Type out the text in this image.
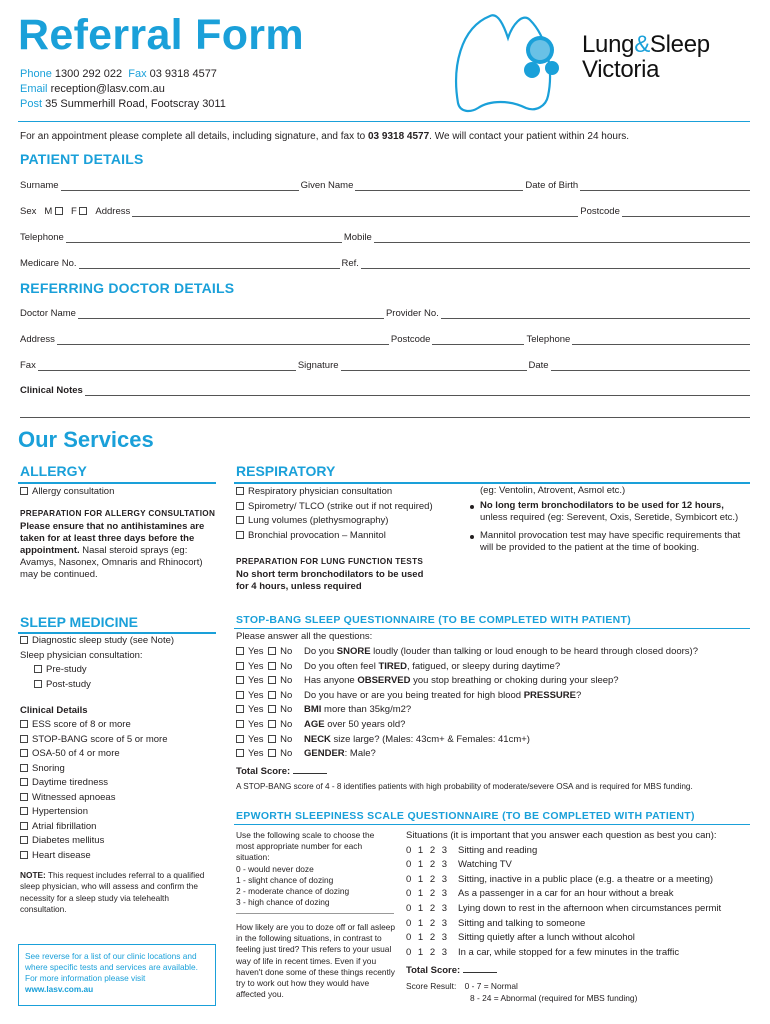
Referral Form
Phone 1300 292 022 Fax 03 9318 4577
Email reception@lasv.com.au
Post 35 Summerhill Road, Footscray 3011
Lung&Sleep
Victoria
For an appointment please complete all details, including signature, and fax to 03 9318 4577. We will contact your patient within 24 hours.
PATIENT DETAILS
Surname	Given Name	Date of Birth
Sex M	F	Address	Postcode
Telephone	Mobile
Medicare No.	Ref.
REFERRING DOCTOR DETAILS
Doctor Name	Provider No.
Address	Postcode	Telephone
Fax	Signature	Date
Clinical Notes
Our Services
ALLERGY
Allergy consultation
PREPARATION FOR ALLERGY CONSULTATION
Please ensure that no antihistamines are taken for at least three days before the appointment. Nasal steroid sprays (eg: Avamys, Nasonex, Omnaris and Rhinocort) may be continued.
RESPIRATORY
Respiratory physician consultation
Spirometry/ TLCO (strike out if not required)
Lung volumes (plethysmography)
Bronchial provocation – Mannitol
PREPARATION FOR LUNG FUNCTION TESTS
No short term bronchodilators to be used for 4 hours, unless required
(eg: Ventolin, Atrovent, Asmol etc.)
No long term bronchodilators to be used for 12 hours, unless required (eg: Serevent, Oxis, Seretide, Symbicort etc.)
Mannitol provocation test may have specific requirements that will be provided to the patient at the time of booking.
SLEEP MEDICINE
Diagnostic sleep study (see Note)
Sleep physician consultation:
Pre-study
Post-study
Clinical Details
ESS score of 8 or more
STOP-BANG score of 5 or more
OSA-50 of 4 or more
Snoring
Daytime tiredness
Witnessed apnoeas
Hypertension
Atrial fibrillation
Diabetes mellitus
Heart disease
NOTE: This request includes referral to a qualified sleep physician, who will assess and confirm the necessity for a sleep study via telehealth consultation.
See reverse for a list of our clinic locations and where specific tests and services are available. For more information please visit www.lasv.com.au
STOP-BANG SLEEP QUESTIONNAIRE (TO BE COMPLETED WITH PATIENT)
Please answer all the questions:
Yes No	Do you SNORE loudly (louder than talking or loud enough to be heard through closed doors)?
Yes No	Do you often feel TIRED, fatigued, or sleepy during daytime?
Yes No	Has anyone OBSERVED you stop breathing or choking during your sleep?
Yes No	Do you have or are you being treated for high blood PRESSURE?
Yes No	BMI more than 35kg/m2?
Yes No	AGE over 50 years old?
Yes No	NECK size large? (Males: 43cm+ & Females: 41cm+)
Yes No	GENDER: Male?
Total Score:
A STOP-BANG score of 4 - 8 identifies patients with high probability of moderate/severe OSA and is required for MBS funding.
EPWORTH SLEEPINESS SCALE QUESTIONNAIRE (TO BE COMPLETED WITH PATIENT)
Use the following scale to choose the most appropriate number for each situation:
0 - would never doze
1 - slight chance of dozing
2 - moderate chance of dozing
3 - high chance of dozing
How likely are you to doze off or fall asleep in the following situations, in contrast to feeling just tired? This refers to your usual way of life in recent times. Even if you haven't done some of these things recently try to work out how they would have affected you.
Situations (it is important that you answer each question as best you can):
0 1 2 3 Sitting and reading
0 1 2 3 Watching TV
0 1 2 3 Sitting, inactive in a public place (e.g. a theatre or a meeting)
0 1 2 3 As a passenger in a car for an hour without a break
0 1 2 3 Lying down to rest in the afternoon when circumstances permit
0 1 2 3 Sitting and talking to someone
0 1 2 3 Sitting quietly after a lunch without alcohol
0 1 2 3 In a car, while stopped for a few minutes in the traffic
Total Score:
Score Result: 0 - 7 = Normal
8 - 24 = Abnormal (required for MBS funding)
